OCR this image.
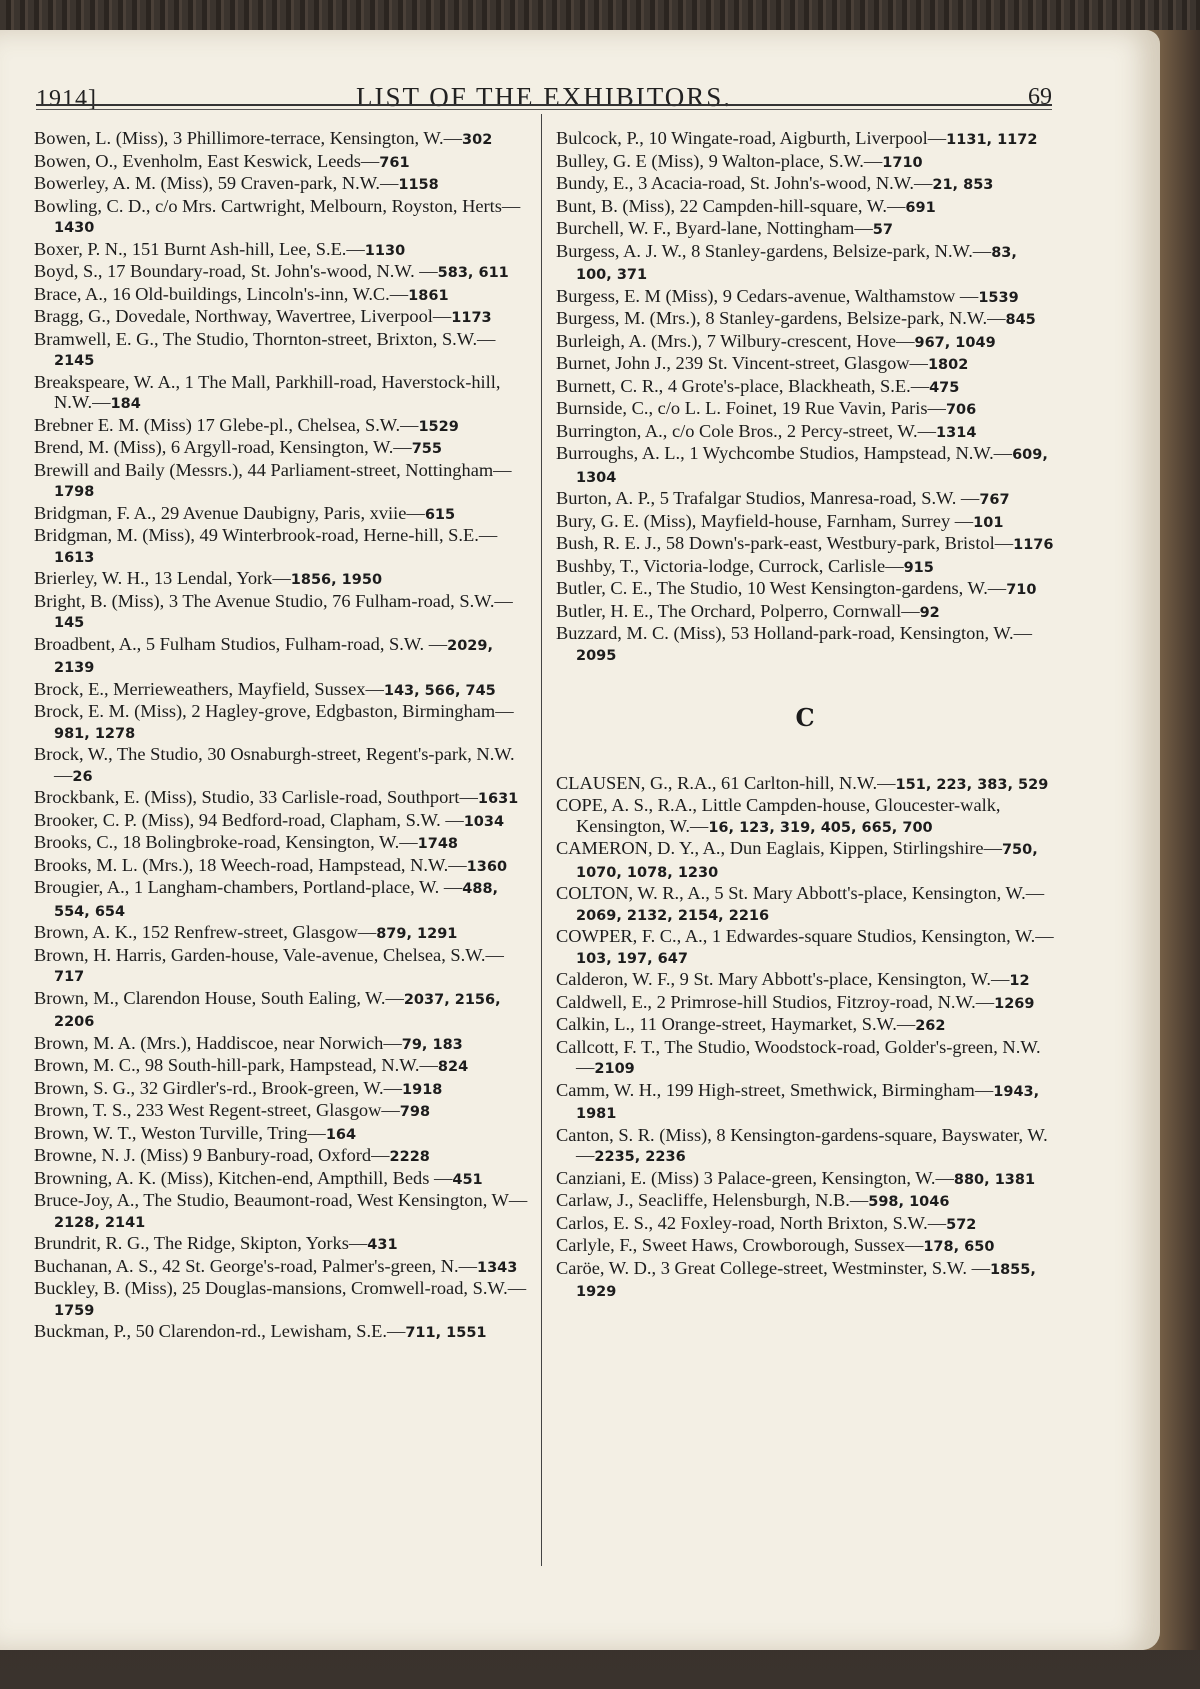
1914]	LIST OF THE EXHIBITORS.	69

Bowen, L. (Miss), 3 Phillimore-terrace, Kensington, W.—302

Bowen, O., Evenholm, East Keswick, Leeds—761

Bowerley, A. M. (Miss), 59 Craven-park, N.W.—1158

Bowling, C. D., c/o Mrs. Cartwright, Melbourn, Royston, Herts—1430

Boxer, P. N., 151 Burnt Ash-hill, Lee, S.E.—1130

Boyd, S., 17 Boundary-road, St. John's-wood, N.W. —583, 611

Brace, A., 16 Old-buildings, Lincoln's-inn, W.C.—1861

Bragg, G., Dovedale, Northway, Wavertree, Liverpool—1173

Bramwell, E. G., The Studio, Thornton-street, Brixton, S.W.—2145

Breakspeare, W. A., 1 The Mall, Parkhill-road, Haverstock-hill, N.W.—184

Brebner E. M. (Miss) 17 Glebe-pl., Chelsea, S.W.—1529

Brend, M. (Miss), 6 Argyll-road, Kensington, W.—755

Brewill and Baily (Messrs.), 44 Parliament-street, Nottingham—1798

Bridgman, F. A., 29 Avenue Daubigny, Paris, xviie—615

Bridgman, M. (Miss), 49 Winterbrook-road, Herne-hill, S.E.—1613

Brierley, W. H., 13 Lendal, York—1856, 1950

Bright, B. (Miss), 3 The Avenue Studio, 76 Fulham-road, S.W.—145

Broadbent, A., 5 Fulham Studios, Fulham-road, S.W. —2029, 2139

Brock, E., Merrieweathers, Mayfield, Sussex—143, 566, 745

Brock, E. M. (Miss), 2 Hagley-grove, Edgbaston, Birmingham—981, 1278

Brock, W., The Studio, 30 Osnaburgh-street, Regent's-park, N.W.—26

Brockbank, E. (Miss), Studio, 33 Carlisle-road, Southport—1631

Brooker, C. P. (Miss), 94 Bedford-road, Clapham, S.W. —1034

Brooks, C., 18 Bolingbroke-road, Kensington, W.—1748

Brooks, M. L. (Mrs.), 18 Weech-road, Hampstead, N.W.—1360

Brougier, A., 1 Langham-chambers, Portland-place, W. —488, 554, 654

Brown, A. K., 152 Renfrew-street, Glasgow—879, 1291

Brown, H. Harris, Garden-house, Vale-avenue, Chelsea, S.W.—717

Brown, M., Clarendon House, South Ealing, W.—2037, 2156, 2206

Brown, M. A. (Mrs.), Haddiscoe, near Norwich—79, 183

Brown, M. C., 98 South-hill-park, Hampstead, N.W.—824

Brown, S. G., 32 Girdler's-rd., Brook-green, W.—1918

Brown, T. S., 233 West Regent-street, Glasgow—798

Brown, W. T., Weston Turville, Tring—164

Browne, N. J. (Miss) 9 Banbury-road, Oxford—2228

Browning, A. K. (Miss), Kitchen-end, Ampthill, Beds —451

Bruce-Joy, A., The Studio, Beaumont-road, West Kensington, W—2128, 2141

Brundrit, R. G., The Ridge, Skipton, Yorks—431

Buchanan, A. S., 42 St. George's-road, Palmer's-green, N.—1343

Buckley, B. (Miss), 25 Douglas-mansions, Cromwell-road, S.W.—1759

Buckman, P., 50 Clarendon-rd., Lewisham, S.E.—711, 1551

Bulcock, P., 10 Wingate-road, Aigburth, Liverpool—1131, 1172

Bulley, G. E (Miss), 9 Walton-place, S.W.—1710

Bundy, E., 3 Acacia-road, St. John's-wood, N.W.—21, 853

Bunt, B. (Miss), 22 Campden-hill-square, W.—691

Burchell, W. F., Byard-lane, Nottingham—57

Burgess, A. J. W., 8 Stanley-gardens, Belsize-park, N.W.—83, 100, 371

Burgess, E. M (Miss), 9 Cedars-avenue, Walthamstow —1539

Burgess, M. (Mrs.), 8 Stanley-gardens, Belsize-park, N.W.—845

Burleigh, A. (Mrs.), 7 Wilbury-crescent, Hove—967, 1049

Burnet, John J., 239 St. Vincent-street, Glasgow—1802

Burnett, C. R., 4 Grote's-place, Blackheath, S.E.—475

Burnside, C., c/o L. L. Foinet, 19 Rue Vavin, Paris—706

Burrington, A., c/o Cole Bros., 2 Percy-street, W.—1314

Burroughs, A. L., 1 Wychcombe Studios, Hampstead, N.W.—609, 1304

Burton, A. P., 5 Trafalgar Studios, Manresa-road, S.W. —767

Bury, G. E. (Miss), Mayfield-house, Farnham, Surrey —101

Bush, R. E. J., 58 Down's-park-east, Westbury-park, Bristol—1176

Bushby, T., Victoria-lodge, Currock, Carlisle—915

Butler, C. E., The Studio, 10 West Kensington-gardens, W.—710

Butler, H. E., The Orchard, Polperro, Cornwall—92

Buzzard, M. C. (Miss), 53 Holland-park-road, Kensington, W.—2095

C

CLAUSEN, G., R.A., 61 Carlton-hill, N.W.—151, 223, 383, 529

COPE, A. S., R.A., Little Campden-house, Gloucester-walk, Kensington, W.—16, 123, 319, 405, 665, 700

CAMERON, D. Y., A., Dun Eaglais, Kippen, Stirlingshire—750, 1070, 1078, 1230

COLTON, W. R., A., 5 St. Mary Abbott's-place, Kensington, W.—2069, 2132, 2154, 2216

COWPER, F. C., A., 1 Edwardes-square Studios, Kensington, W.—103, 197, 647

Calderon, W. F., 9 St. Mary Abbott's-place, Kensington, W.—12

Caldwell, E., 2 Primrose-hill Studios, Fitzroy-road, N.W.—1269

Calkin, L., 11 Orange-street, Haymarket, S.W.—262

Callcott, F. T., The Studio, Woodstock-road, Golder's-green, N.W.—2109

Camm, W. H., 199 High-street, Smethwick, Birmingham—1943, 1981

Canton, S. R. (Miss), 8 Kensington-gardens-square, Bayswater, W.—2235, 2236

Canziani, E. (Miss) 3 Palace-green, Kensington, W.—880, 1381

Carlaw, J., Seacliffe, Helensburgh, N.B.—598, 1046

Carlos, E. S., 42 Foxley-road, North Brixton, S.W.—572

Carlyle, F., Sweet Haws, Crowborough, Sussex—178, 650

Caröe, W. D., 3 Great College-street, Westminster, S.W. —1855, 1929
